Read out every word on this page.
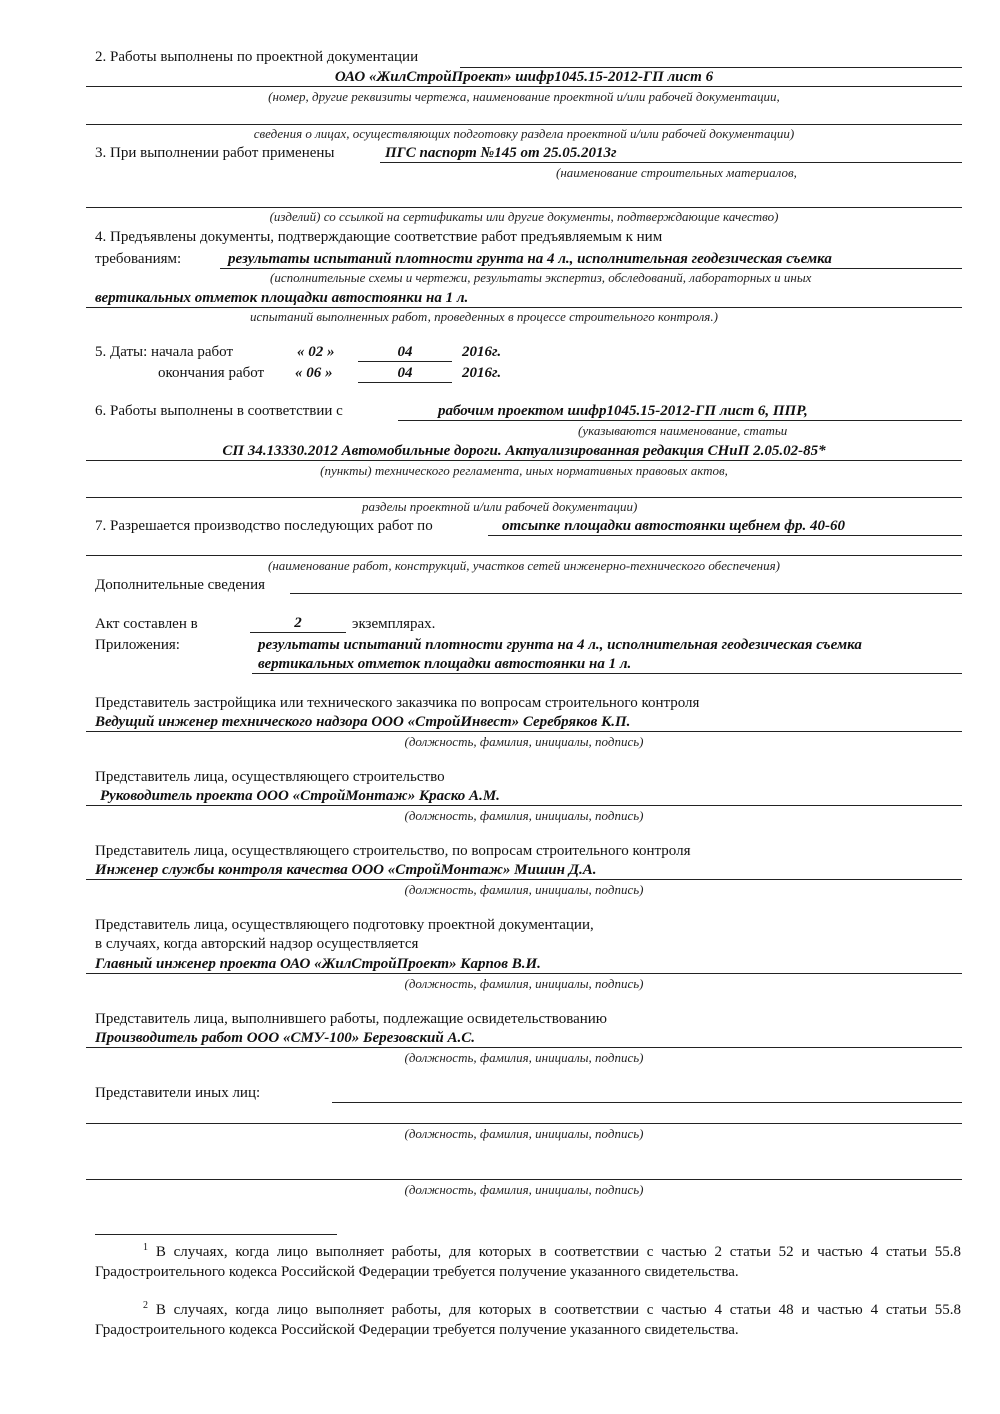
2. Работы выполнены по проектной документации
ОАО «ЖилСтройПроект» шифр1045.15-2012-ГП лист 6
(номер, другие реквизиты чертежа, наименование проектной и/или рабочей документации,
сведения о лицах, осуществляющих подготовку раздела проектной и/или рабочей документации)
3. При выполнении работ применены	ПГС паспорт №145 от 25.05.2013г
(наименование строительных материалов,
(изделий) со ссылкой на сертификаты или другие документы, подтверждающие качество)
4. Предъявлены документы, подтверждающие соответствие работ предъявляемым к ним
требованиям:	результаты испытаний плотности грунта на 4 л., исполнительная геодезическая съемка
(исполнительные схемы и чертежи, результаты экспертиз, обследований, лабораторных и иных
вертикальных отметок площадки автостоянки на 1 л.
испытаний выполненных работ, проведенных в процессе строительного контроля.)
5. Даты: начала работ	« 02 »	04	2016г.
окончания работ « 06 »	04	2016г.
6. Работы выполнены в соответствии с	рабочим проектом шифр1045.15-2012-ГП лист 6, ППР,
(указываются наименование, статьи
СП 34.13330.2012 Автомобильные дороги. Актуализированная редакция СНиП 2.05.02-85*
(пункты) технического регламента, иных нормативных правовых актов,
разделы проектной и/или рабочей документации)
7. Разрешается производство последующих работ по	отсыпке площадки автостоянки щебнем фр. 40-60
(наименование работ, конструкций, участков сетей инженерно-технического обеспечения)
Дополнительные сведения
Акт составлен в	2	экземплярах.
Приложения:	результаты испытаний плотности грунта на 4 л., исполнительная геодезическая съемка
вертикальных отметок площадки автостоянки на 1 л.
Представитель застройщика или технического заказчика по вопросам строительного контроля
Ведущий инженер технического надзора ООО «СтройИнвест» Серебряков К.П.
(должность, фамилия, инициалы, подпись)
Представитель лица, осуществляющего строительство
Руководитель проекта ООО «СтройМонтаж» Краско А.М.
(должность, фамилия, инициалы, подпись)
Представитель лица, осуществляющего строительство, по вопросам строительного контроля
Инженер службы контроля качества ООО «СтройМонтаж» Мишин Д.А.
(должность, фамилия, инициалы, подпись)
Представитель лица, осуществляющего подготовку проектной документации,
в случаях, когда авторский надзор осуществляется
Главный инженер проекта ОАО «ЖилСтройПроект» Карпов В.И.
(должность, фамилия, инициалы, подпись)
Представитель лица, выполнившего работы, подлежащие освидетельствованию
Производитель работ ООО «СМУ-100» Березовский А.С.
(должность, фамилия, инициалы, подпись)
Представители иных лиц:
(должность, фамилия, инициалы, подпись)
(должность, фамилия, инициалы, подпись)
$^1$ В случаях, когда лицо выполняет работы, для которых в соответствии с частью 2 статьи 52 и частью 4 статьи 55.8 Градостроительного кодекса Российской Федерации требуется получение указанного свидетельства.
$^2$ В случаях, когда лицо выполняет работы, для которых в соответствии с частью 4 статьи 48 и частью 4 статьи 55.8 Градостроительного кодекса Российской Федерации требуется получение указанного свидетельства.
